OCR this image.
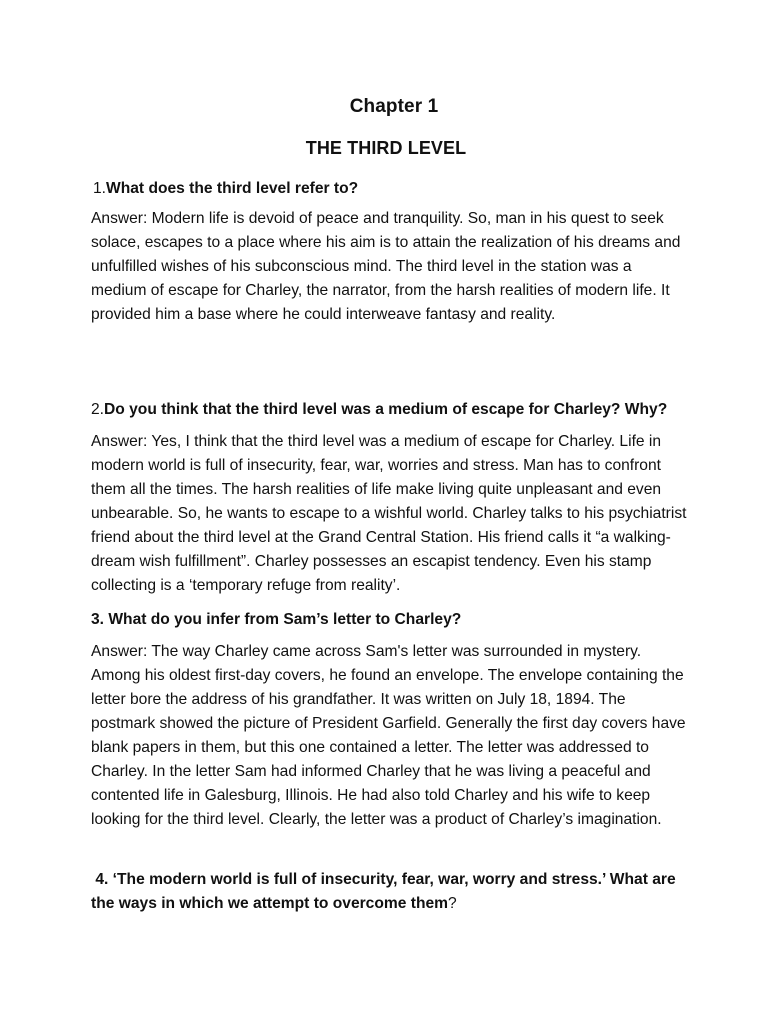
Chapter 1
THE THIRD LEVEL
1.What does the third level refer to?
Answer: Modern life is devoid of peace and tranquility. So, man in his quest to seek solace, escapes to a place where his aim is to attain the realization of his dreams and unfulfilled wishes of his subconscious mind. The third level in the station was a medium of escape for Charley, the narrator, from the harsh realities of modern life. It provided him a base where he could interweave fantasy and reality.
2.Do you think that the third level was a medium of escape for Charley? Why?
Answer: Yes, I think that the third level was a medium of escape for Charley. Life in modern world is full of insecurity, fear, war, worries and stress. Man has to confront them all the times. The harsh realities of life make living quite unpleasant and even unbearable. So, he wants to escape to a wishful world. Charley talks to his psychiatrist friend about the third level at the Grand Central Station. His friend calls it “a walking-dream wish fulfillment”. Charley possesses an escapist tendency. Even his stamp collecting is a ‘temporary refuge from reality’.
3. What do you infer from Sam’s letter to Charley?
Answer: The way Charley came across Sam's letter was surrounded in mystery. Among his oldest first-day covers, he found an envelope. The envelope containing the letter bore the address of his grandfather. It was written on July 18, 1894. The postmark showed the picture of President Garfield. Generally the first day covers have blank papers in them, but this one contained a letter. The letter was addressed to Charley. In the letter Sam had informed Charley that he was living a peaceful and contented life in Galesburg, Illinois. He had also told Charley and his wife to keep looking for the third level. Clearly, the letter was a product of Charley’s imagination.
4. ‘The modern world is full of insecurity, fear, war, worry and stress.’ What are the ways in which we attempt to overcome them?
